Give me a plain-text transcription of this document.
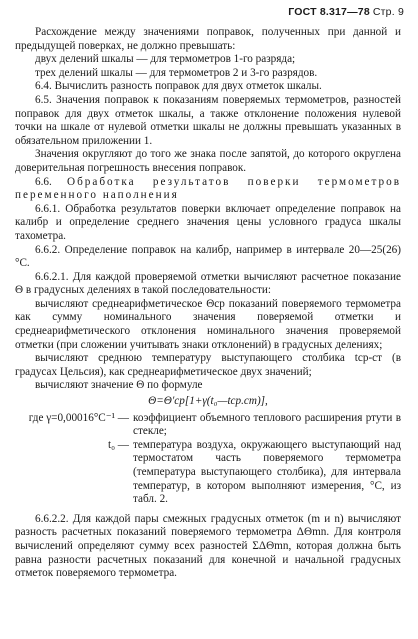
ГОСТ 8.317—78 Стр. 9

Расхождение между значениями поправок, полученных при данной и предыдущей поверках, не должно превышать:

двух делений шкалы — для термометров 1-го разряда;

трех делений шкалы — для термометров 2 и 3-го разрядов.

6.4. Вычислить разность поправок для двух отметок шкалы.

6.5. Значения поправок к показаниям поверяемых термометров, разностей поправок для двух отметок шкалы, а также отклонение положения нулевой точки на шкале от нулевой отметки шкалы не должны превышать указанных в обязательном приложении 1.

Значения округляют до того же знака после запятой, до которого округлена доверительная погрешность внесения поправок.

6.6. Обработка результатов поверки термометров переменного наполнения

6.6.1. Обработка результатов поверки включает определение поправок на калибр и определение среднего значения цены условного градуса шкалы тахометра.

6.6.2. Определение поправок на калибр, например в интервале 20—25(26)°С.

6.6.2.1. Для каждой проверяемой отметки вычисляют расчетное показание Θ в градусных делениях в такой последовательности:

вычисляют среднеарифметическое Θср показаний поверяемого термометра как сумму номинального значения поверяемой отметки и среднеарифметического отклонения номинального значения проверяемой отметки (при сложении учитывать знаки отклонений) в градусных делениях;

вычисляют среднюю температуру выступающего столбика tср-ст (в градусах Цельсия), как среднеарифметическое двух значений;

вычисляют значение Θ по формуле

Θ=Θ′ср[1+γ(t₀—tср.ст)],
где γ=0,00016°С⁻¹ — коэффициент объемного теплового расширения ртути в стекле;
t₀ — температура воздуха, окружающего выступающий над термостатом часть поверяемого термометра (температура выступающего столбика), для интервала температур, в котором выполняют измерения, °С, из табл. 2.

6.6.2.2. Для каждой пары смежных градусных отметок (m и n) вычисляют разность расчетных показаний поверяемого термометра ΔΘmn. Для контроля вычислений определяют сумму всех разностей ΣΔΘmn, которая должна быть равна разности расчетных показаний для конечной и начальной градусных отметок поверяемого термометра.
